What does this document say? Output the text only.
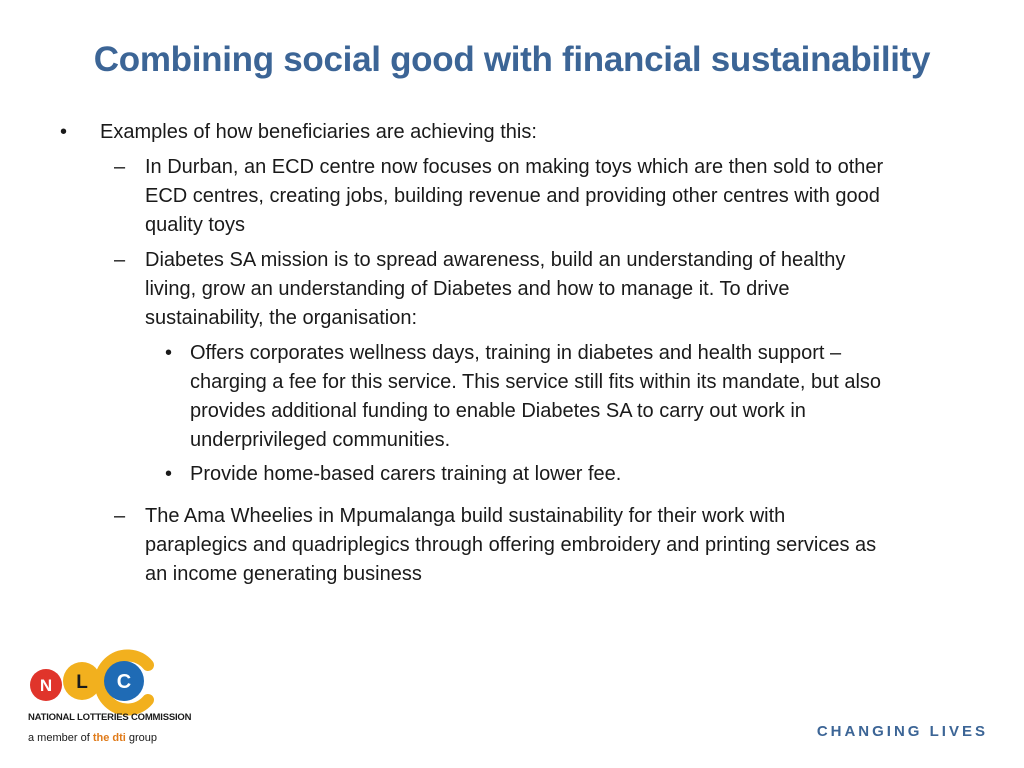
Combining social good with financial sustainability
• Examples of how beneficiaries are achieving this:
– In Durban, an ECD centre now focuses on making toys which are then sold to other
ECD centres, creating jobs, building revenue and providing other centres with good
quality toys
– Diabetes SA mission is to spread awareness, build an understanding of healthy
living, grow an understanding of Diabetes and how to manage it. To drive
sustainability, the organisation:
• Offers corporates wellness days, training in diabetes and health support –
charging a fee for this service. This service still fits within its mandate, but also
provides additional funding to enable Diabetes SA to carry out work in
underprivileged communities.
• Provide home-based carers training at lower fee.
– The Ama Wheelies in Mpumalanga build sustainability for their work with
paraplegics and quadriplegics through offering embroidery and printing services as
an income generating business
N L C
NATIONAL LOTTERIES COMMISSION
a member of the dti group	CHANGING LIVES
